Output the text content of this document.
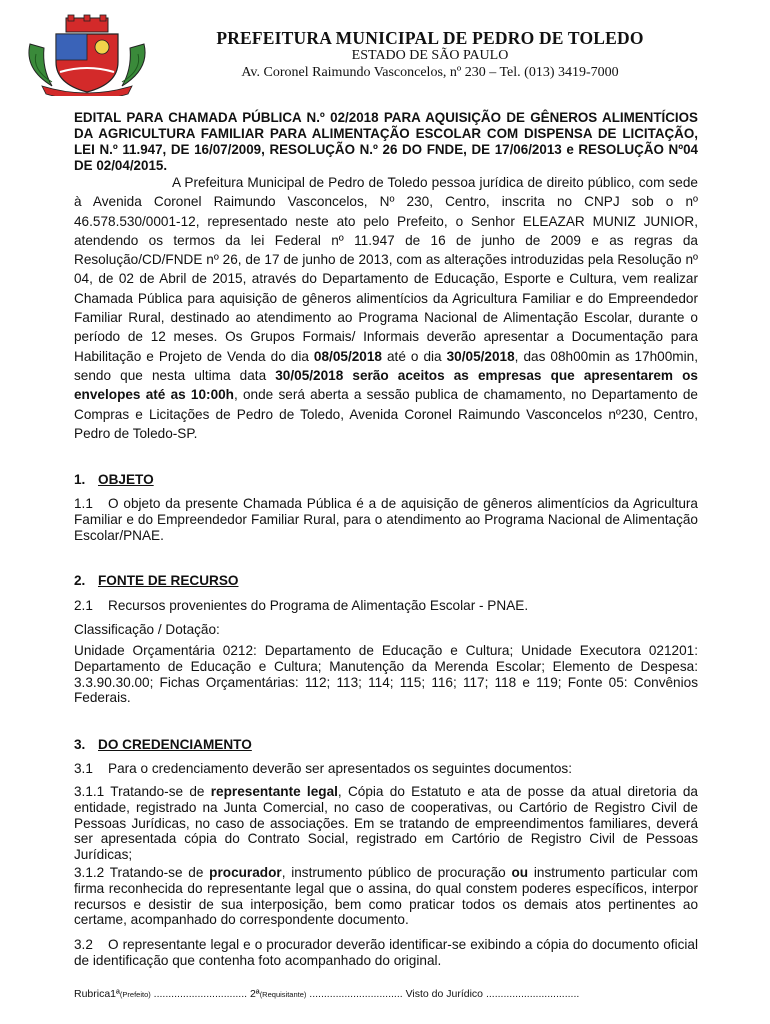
PREFEITURA MUNICIPAL DE PEDRO DE TOLEDO
ESTADO DE SÃO PAULO
Av. Coronel Raimundo Vasconcelos, nº 230 – Tel. (013) 3419-7000
EDITAL PARA CHAMADA PÚBLICA N.º 02/2018 PARA AQUISIÇÃO DE GÊNEROS ALIMENTÍCIOS DA AGRICULTURA FAMILIAR PARA ALIMENTAÇÃO ESCOLAR COM DISPENSA DE LICITAÇÃO, LEI N.º 11.947, DE 16/07/2009, RESOLUÇÃO N.º 26 DO FNDE, DE 17/06/2013 e RESOLUÇÃO Nº04 DE 02/04/2015.
A Prefeitura Municipal de Pedro de Toledo pessoa jurídica de direito público, com sede à Avenida Coronel Raimundo Vasconcelos, Nº 230, Centro, inscrita no CNPJ sob o nº 46.578.530/0001-12, representado neste ato pelo Prefeito, o Senhor ELEAZAR MUNIZ JUNIOR, atendendo os termos da lei Federal nº 11.947 de 16 de junho de 2009 e as regras da Resolução/CD/FNDE nº 26, de 17 de junho de 2013, com as alterações introduzidas pela Resolução nº 04, de 02 de Abril de 2015, através do Departamento de Educação, Esporte e Cultura, vem realizar Chamada Pública para aquisição de gêneros alimentícios da Agricultura Familiar e do Empreendedor Familiar Rural, destinado ao atendimento ao Programa Nacional de Alimentação Escolar, durante o período de 12 meses. Os Grupos Formais/ Informais deverão apresentar a Documentação para Habilitação e Projeto de Venda do dia 08/05/2018 até o dia 30/05/2018, das 08h00min as 17h00min, sendo que nesta ultima data 30/05/2018 serão aceitos as empresas que apresentarem os envelopes até as 10:00h, onde será aberta a sessão publica de chamamento, no Departamento de Compras e Licitações de Pedro de Toledo, Avenida Coronel Raimundo Vasconcelos nº230, Centro, Pedro de Toledo-SP.
1. OBJETO
1.1 O objeto da presente Chamada Pública é a de aquisição de gêneros alimentícios da Agricultura Familiar e do Empreendedor Familiar Rural, para o atendimento ao Programa Nacional de Alimentação Escolar/PNAE.
2. FONTE DE RECURSO
2.1 Recursos provenientes do Programa de Alimentação Escolar - PNAE.
Classificação / Dotação:
Unidade Orçamentária 0212: Departamento de Educação e Cultura; Unidade Executora 021201: Departamento de Educação e Cultura; Manutenção da Merenda Escolar; Elemento de Despesa: 3.3.90.30.00; Fichas Orçamentárias: 112; 113; 114; 115; 116; 117; 118 e 119; Fonte 05: Convênios Federais.
3. DO CREDENCIAMENTO
3.1 Para o credenciamento deverão ser apresentados os seguintes documentos:
3.1.1 Tratando-se de representante legal, Cópia do Estatuto e ata de posse da atual diretoria da entidade, registrado na Junta Comercial, no caso de cooperativas, ou Cartório de Registro Civil de Pessoas Jurídicas, no caso de associações. Em se tratando de empreendimentos familiares, deverá ser apresentada cópia do Contrato Social, registrado em Cartório de Registro Civil de Pessoas Jurídicas;
3.1.2 Tratando-se de procurador, instrumento público de procuração ou instrumento particular com firma reconhecida do representante legal que o assina, do qual constem poderes específicos, interpor recursos e desistir de sua interposição, bem como praticar todos os demais atos pertinentes ao certame, acompanhado do correspondente documento.
3.2 O representante legal e o procurador deverão identificar-se exibindo a cópia do documento oficial de identificação que contenha foto acompanhado do original.
Rubrica1ª(Prefeito) ................................ 2ª(Requisitante) ................................ Visto do Jurídico ................................
